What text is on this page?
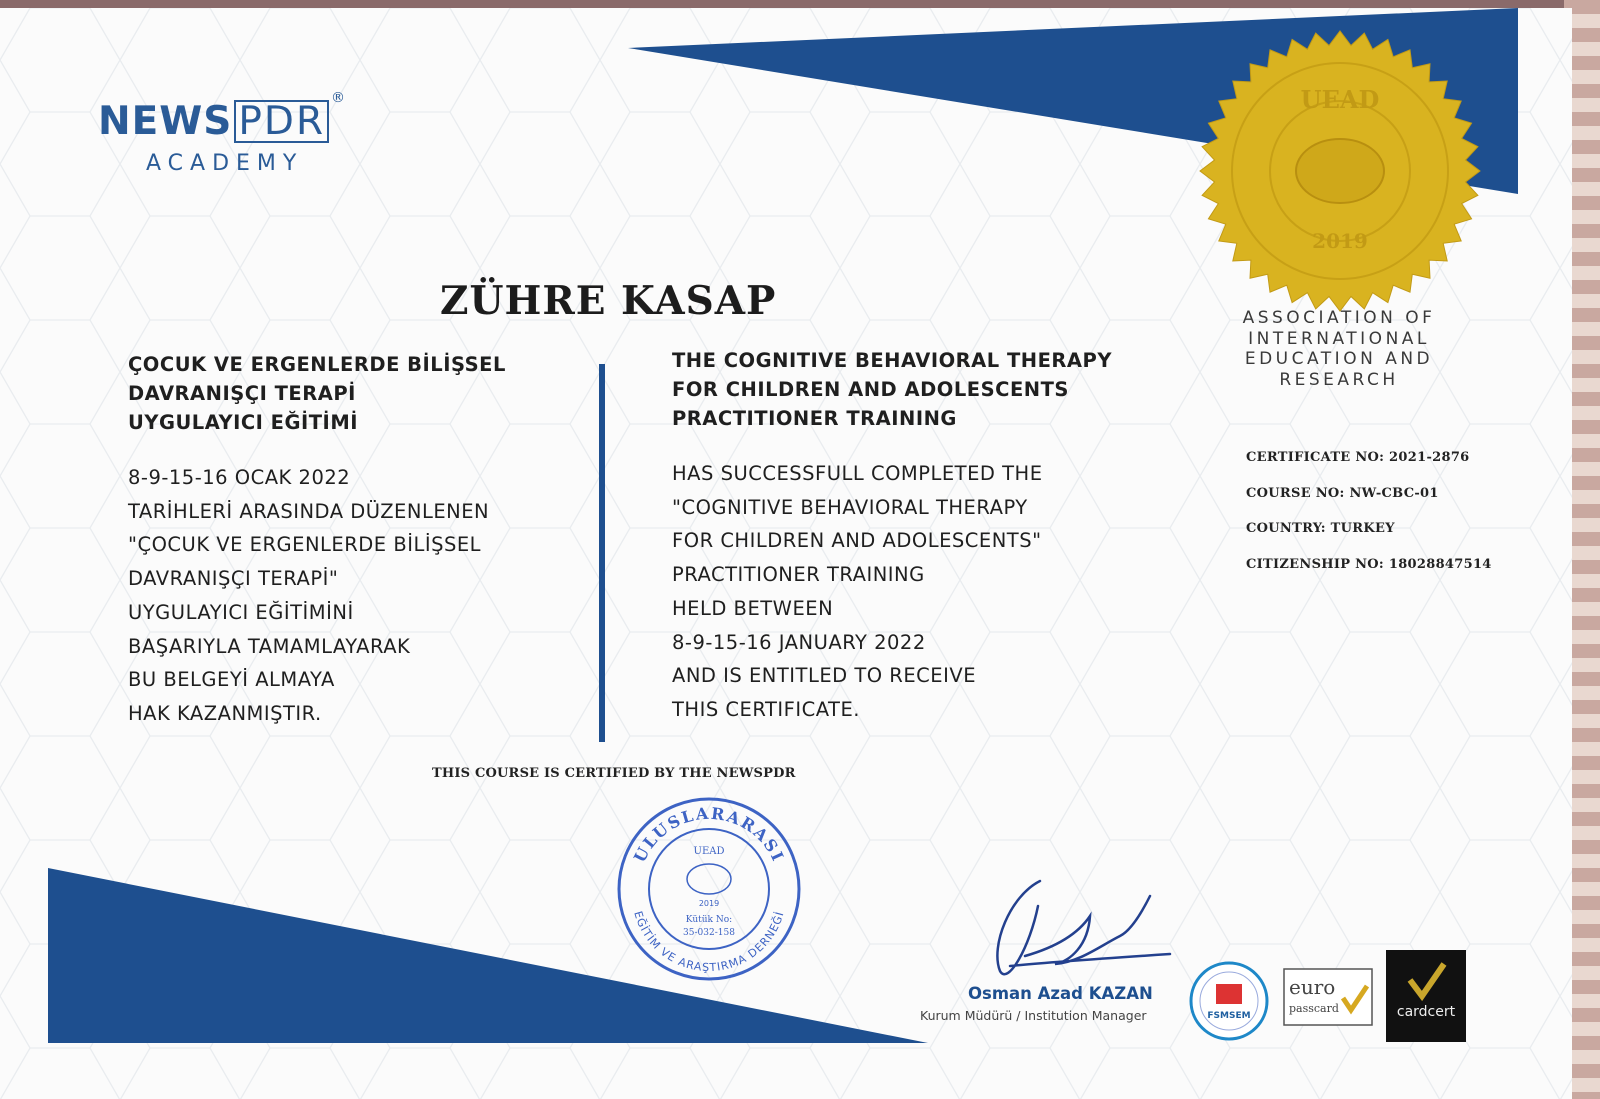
NEWS PDR
®
ACADEMY
ZÜHRE KASAP
ÇOCUK VE ERGENLERDE BİLİŞSEL
DAVRANIŞÇI TERAPİ
UYGULAYICI EĞİTİMİ
8-9-15-16 OCAK 2022
TARİHLERİ ARASINDA DÜZENLENEN
"ÇOCUK VE ERGENLERDE BİLİŞSEL
DAVRANIŞÇI TERAPİ"
UYGULAYICI EĞİTİMİNİ
BAŞARIYLA TAMAMLAYARAK
BU BELGEYİ ALMAYA
HAK KAZANMIŞTIR.
THE COGNITIVE BEHAVIORAL THERAPY
FOR CHILDREN AND ADOLESCENTS
PRACTITIONER TRAINING
HAS SUCCESSFULL COMPLETED THE
"COGNITIVE BEHAVIORAL THERAPY
FOR CHILDREN AND ADOLESCENTS"
PRACTITIONER TRAINING
HELD BETWEEN
8-9-15-16 JANUARY 2022
AND IS ENTITLED TO RECEIVE
THIS CERTIFICATE.
UEAD
2019
ASSOCIATION OF
INTERNATIONAL
EDUCATION AND
RESEARCH
CERTIFICATE NO: 2021-2876
COURSE NO: NW-CBC-01
COUNTRY: TURKEY
CITIZENSHIP NO: 18028847514
THIS COURSE IS CERTIFIED BY THE NEWSPDR
ULUSLARARASI
EĞİTİM VE ARAŞTIRMA DERNEĞİ
UEAD
2019
Kütük No:
35-032-158
Osman Azad KAZAN
Kurum Müdürü / Institution Manager	FSMSEM
euro
passcard	cardcert
